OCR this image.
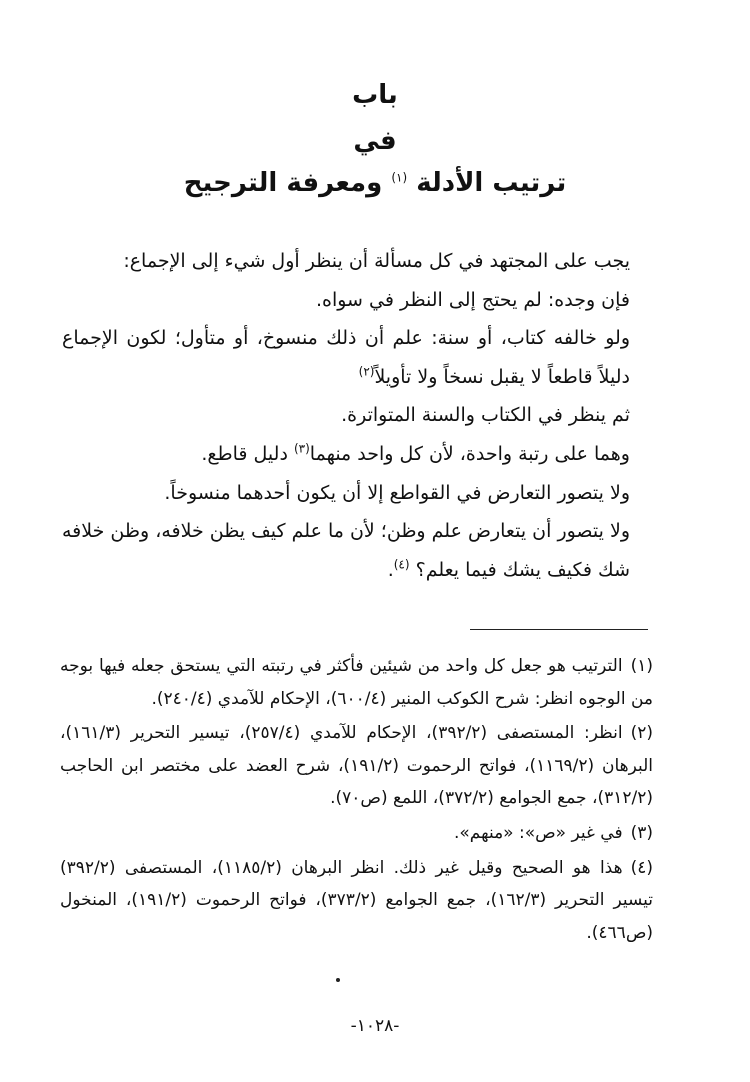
باب
في
ترتيب الأدلة $^{(١)}$ ومعرفة الترجيح

يجب على المجتهد في كل مسألة أن ينظر أول شيء إلى الإجماع:

فإن وجده: لم يحتج إلى النظر في سواه.

ولو خالفه كتاب، أو سنة: علم أن ذلك منسوخ، أو متأول؛ لكون الإجماع دليلاً قاطعاً لا يقبل نسخاً ولا تأويلاً$^{(٢)}$

ثم ينظر في الكتاب والسنة المتواترة.

وهما على رتبة واحدة، لأن كل واحد منهما$^{(٣)}$ دليل قاطع.

ولا يتصور التعارض في القواطع إلا أن يكون أحدهما منسوخاً.

ولا يتصور أن يتعارض علم وظن؛ لأن ما علم كيف يظن خلافه، وظن خلافه شك فكيف يشك فيما يعلم؟ $^{(٤)}$.

(١)الترتيب هو جعل كل واحد من شيئين فأكثر في رتبته التي يستحق جعله فيها بوجه من الوجوه انظر: شرح الكوكب المنير (٦٠٠/٤)، الإحكام للآمدي (٢٤٠/٤).

(٢)انظر: المستصفى (٣٩٢/٢)، الإحكام للآمدي (٢٥٧/٤)، تيسير التحرير (١٦١/٣)، البرهان (١١٦٩/٢)، فواتح الرحموت (١٩١/٢)، شرح العضد على مختصر ابن الحاجب (٣١٢/٢)، جمع الجوامع (٣٧٢/٢)، اللمع (ص٧٠).

(٣)في غير «ص»: «منهم».

(٤)هذا هو الصحيح وقيل غير ذلك. انظر البرهان (١١٨٥/٢)، المستصفى (٣٩٢/٢) تيسير التحرير (١٦٢/٣)، جمع الجوامع (٣٧٣/٢)، فواتح الرحموت (١٩١/٢)، المنخول (ص٤٦٦).

-١٠٢٨-
